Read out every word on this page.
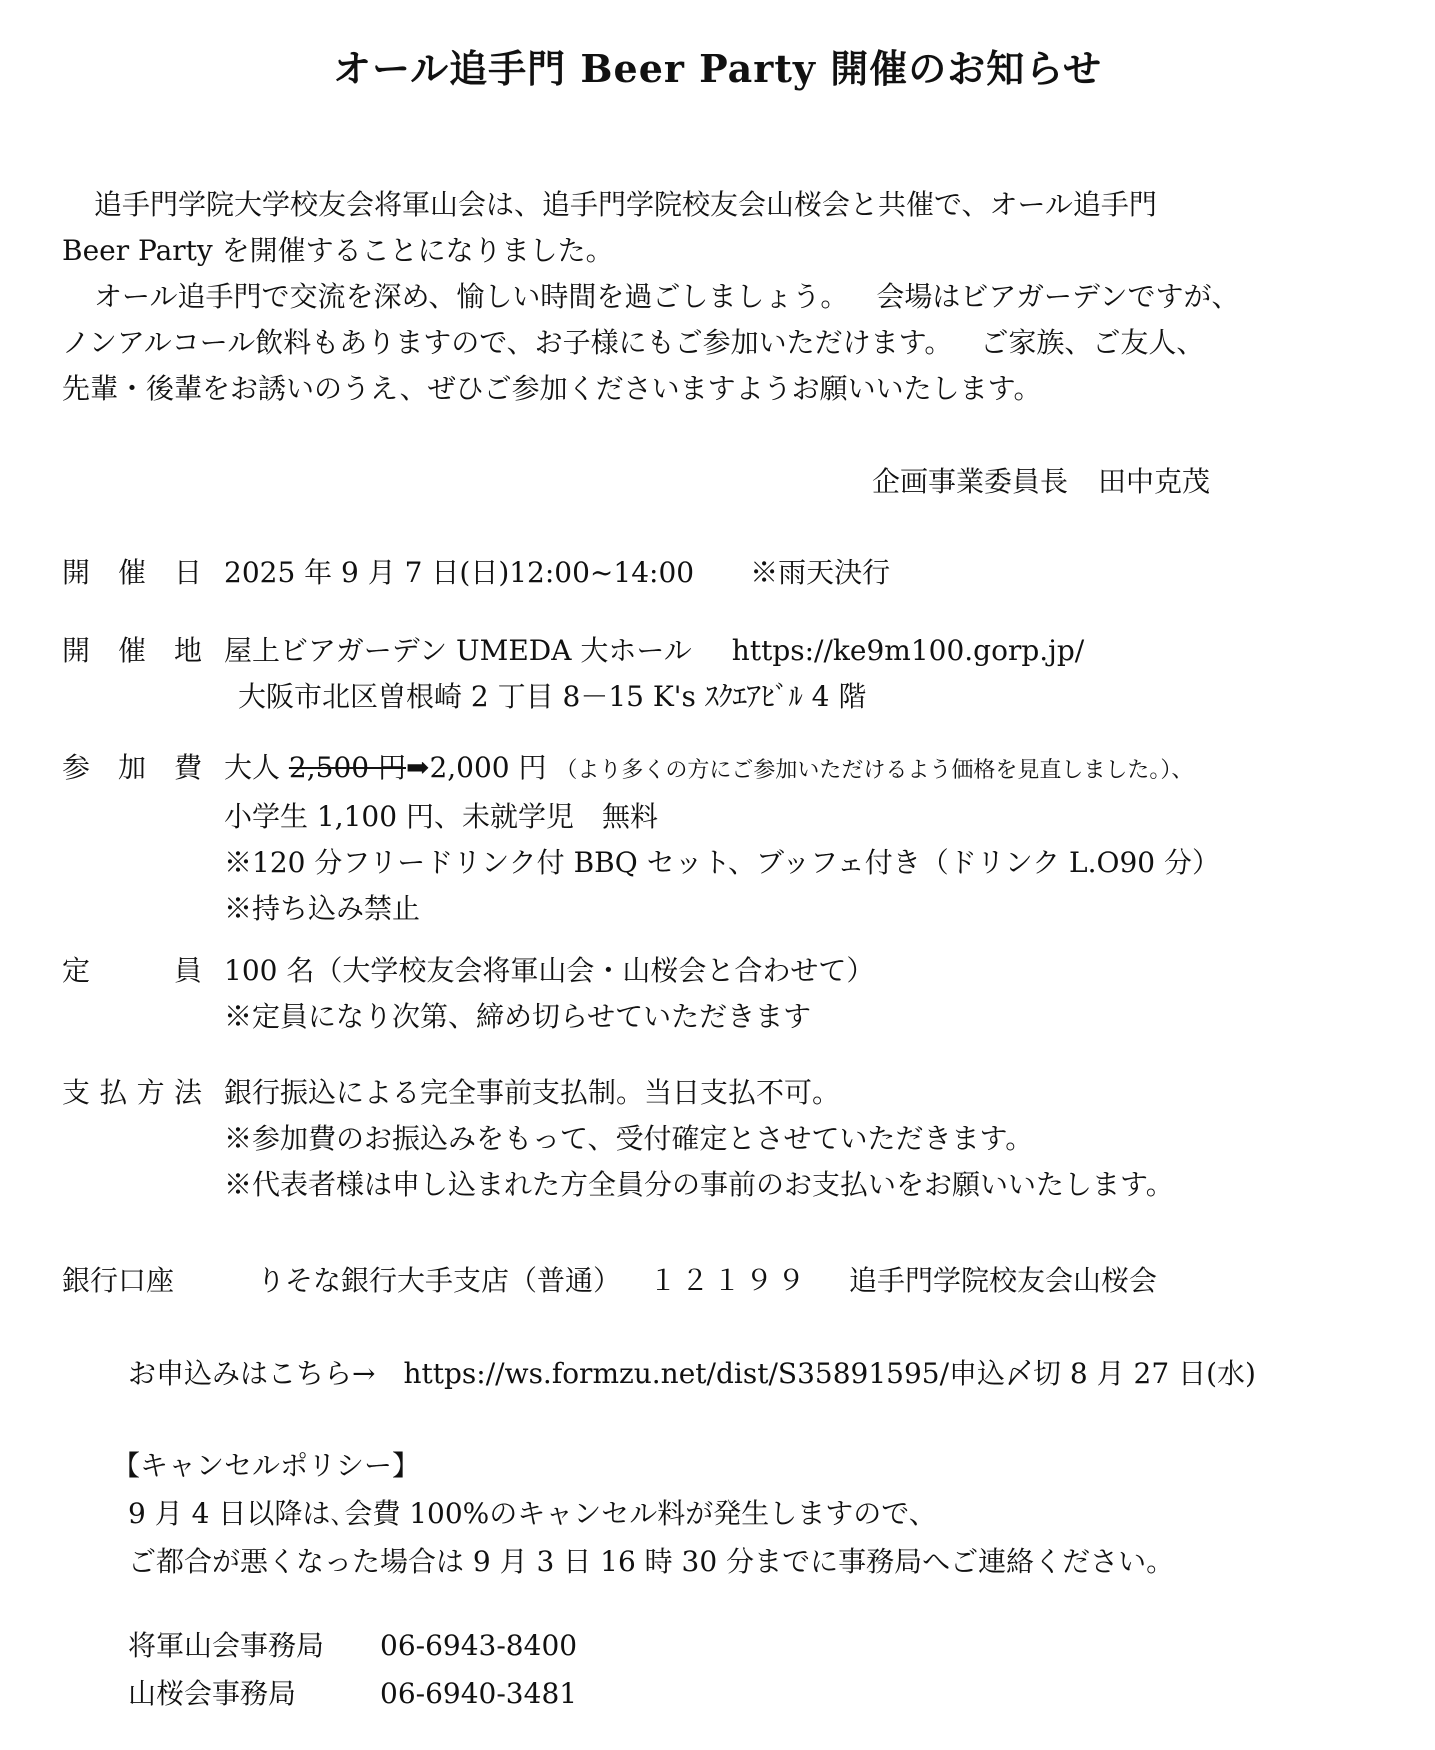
オール追手門 Beer Party 開催のお知らせ
追手門学院大学校友会将軍山会は、追手門学院校友会山桜会と共催で、オール追手門
Beer Party を開催することになりました。
オール追手門で交流を深め、愉しい時間を過ごしましょう。 会場はビアガーデンですが、
ノンアルコール飲料もありますので、お子様にもご参加いただけます。 ご家族、ご友人、
先輩・後輩をお誘いのうえ、ぜひご参加くださいますようお願いいたします。
企画事業委員長 田中克茂
開 催 日 2025 年 9 月 7 日(日)12:00~14:00 ※雨天決行
開 催 地 屋上ビアガーデン UMEDA 大ホール https://ke9m100.gorp.jp/
大阪市北区曽根崎 2 丁目 8－15 K's ｽｸｴｱﾋﾞﾙ 4 階
参 加 費 大人 2,500 円➡2,000 円 （より多くの方にご参加いただけるよう価格を見直しました。）、
小学生 1,100 円、未就学児　無料
※120 分フリードリンク付 BBQ セット、ブッフェ付き（ドリンク L.O90 分）
※持ち込み禁止
定	員 100 名（大学校友会将軍山会・山桜会と合わせて）
※定員になり次第、締め切らせていただきます
支 払 方 法 銀行振込による完全事前支払制。当日支払不可。
※参加費のお振込みをもって、受付確定とさせていただきます。
※代表者様は申し込まれた方全員分の事前のお支払いをお願いいたします。
銀行口座	りそな銀行大手支店（普通） １２１９９ 追手門学院校友会山桜会
お申込みはこちら→ https://ws.formzu.net/dist/S35891595/申込〆切 8 月 27 日(水)
【キャンセルポリシー】
9 月 4 日以降は､会費 100%のキャンセル料が発生しますので、
ご都合が悪くなった場合は 9 月 3 日 16 時 30 分までに事務局へご連絡ください。
将軍山会事務局 06-6943-8400
山桜会事務局	06-6940-3481
